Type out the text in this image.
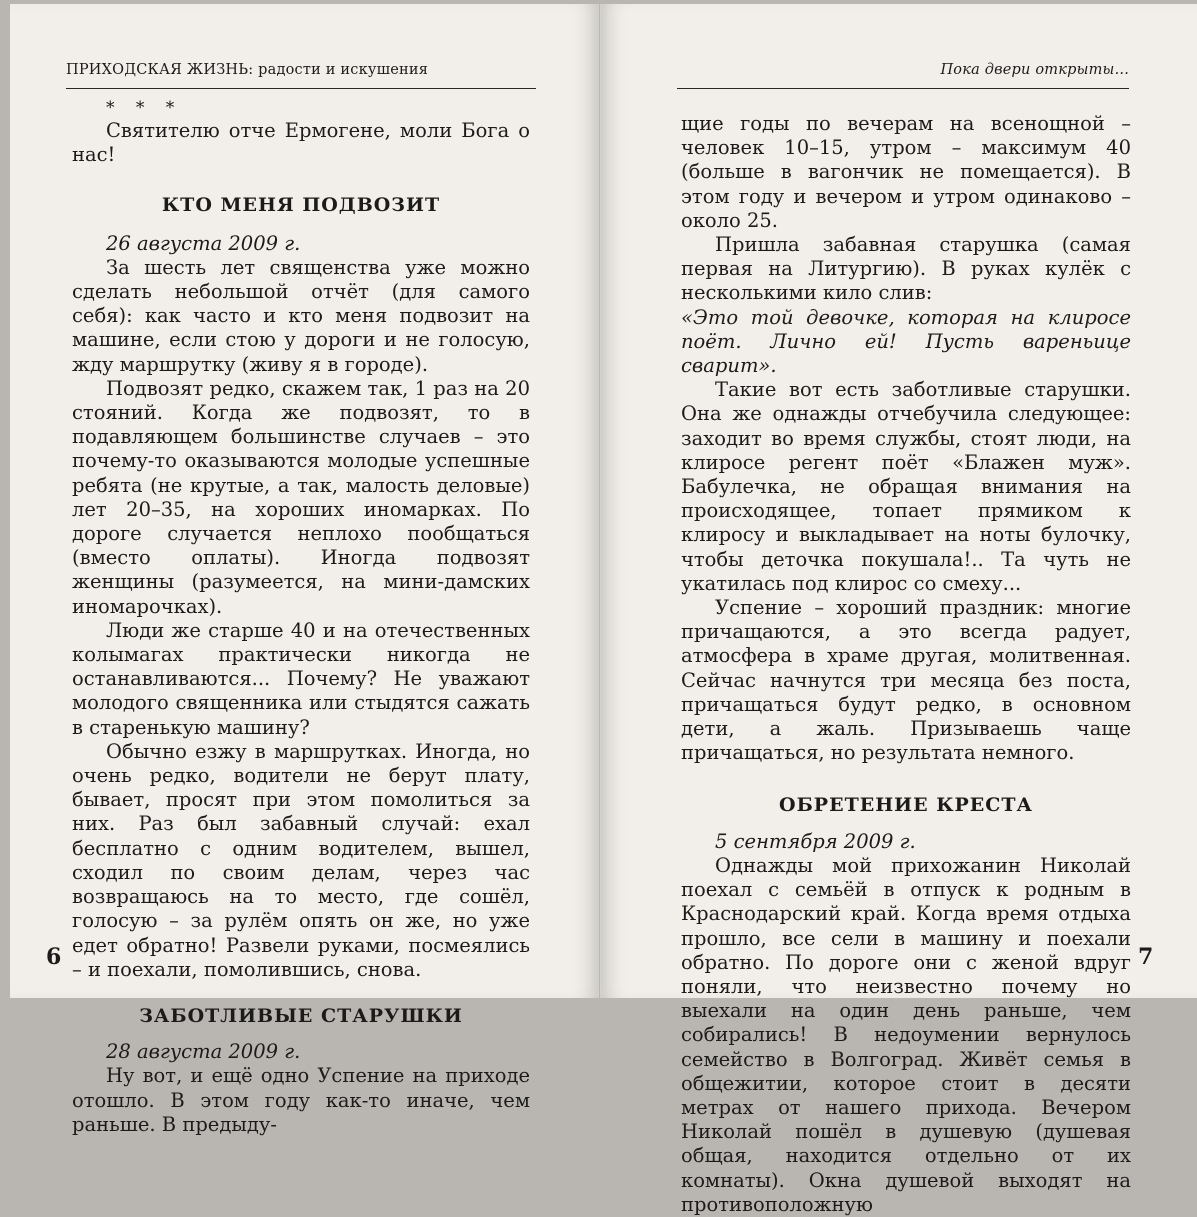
ПРИХОДСКАЯ ЖИЗНЬ: радости и искушения

* * *

Святителю отче Ермогене, моли Бога о нас!

КТО МЕНЯ ПОДВОЗИТ

26 августа 2009 г.

За шесть лет священства уже можно сделать небольшой отчёт (для самого себя): как часто и кто меня подвозит на машине, если стою у дороги и не голосую, жду маршрутку (живу я в городе).

Подвозят редко, скажем так, 1 раз на 20 стояний. Когда же подвозят, то в подавляющем большинстве случаев – это почему-то оказываются молодые успешные ребята (не крутые, а так, малость деловые) лет 20–35, на хороших иномарках. По дороге случается неплохо пообщаться (вместо оплаты). Иногда подвозят женщины (разумеется, на мини-дамских иномарочках).

Люди же старше 40 и на отечественных колымагах практически никогда не останавливаются... Почему? Не уважают молодого священника или стыдятся сажать в старенькую машину?

Обычно езжу в маршрутках. Иногда, но очень редко, водители не берут плату, бывает, просят при этом помолиться за них. Раз был забавный случай: ехал бесплатно с одним водителем, вышел, сходил по своим делам, через час возвращаюсь на то место, где сошёл, голосую – за рулём опять он же, но уже едет обратно! Развели руками, посмеялись – и поехали, помолившись, снова.

ЗАБОТЛИВЫЕ СТАРУШКИ

28 августа 2009 г.

Ну вот, и ещё одно Успение на приходе отошло. В этом году как-то иначе, чем раньше. В предыду-

6
Пока двери открыты...

щие годы по вечерам на всенощной – человек 10–15, утром – максимум 40 (больше в вагончик не помещается). В этом году и вечером и утром одинаково – около 25.

Пришла забавная старушка (самая первая на Литургию). В руках кулёк с несколькими кило слив:

«Это той девочке, которая на клиросе поёт. Лично ей! Пусть вареньице сварит».

Такие вот есть заботливые старушки. Она же однажды отчебучила следующее: заходит во время службы, стоят люди, на клиросе регент поёт «Блажен муж». Бабулечка, не обращая внимания на происходящее, топает прямиком к клиросу и выкладывает на ноты булочку, чтобы деточка покушала!.. Та чуть не укатилась под клирос со смеху...

Успение – хороший праздник: многие причащаются, а это всегда радует, атмосфера в храме другая, молитвенная. Сейчас начнутся три месяца без поста, причащаться будут редко, в основном дети, а жаль. Призываешь чаще причащаться, но результата немного.

ОБРЕТЕНИЕ КРЕСТА

5 сентября 2009 г.

Однажды мой прихожанин Николай поехал с семьёй в отпуск к родным в Краснодарский край. Когда время отдыха прошло, все сели в машину и поехали обратно. По дороге они с женой вдруг поняли, что неизвестно почему но выехали на один день раньше, чем собирались! В недоумении вернулось семейство в Волгоград. Живёт семья в общежитии, которое стоит в десяти метрах от нашего прихода. Вечером Николай пошёл в душевую (душевая общая, находится отдельно от их комнаты). Окна душевой выходят на противоположную

7
